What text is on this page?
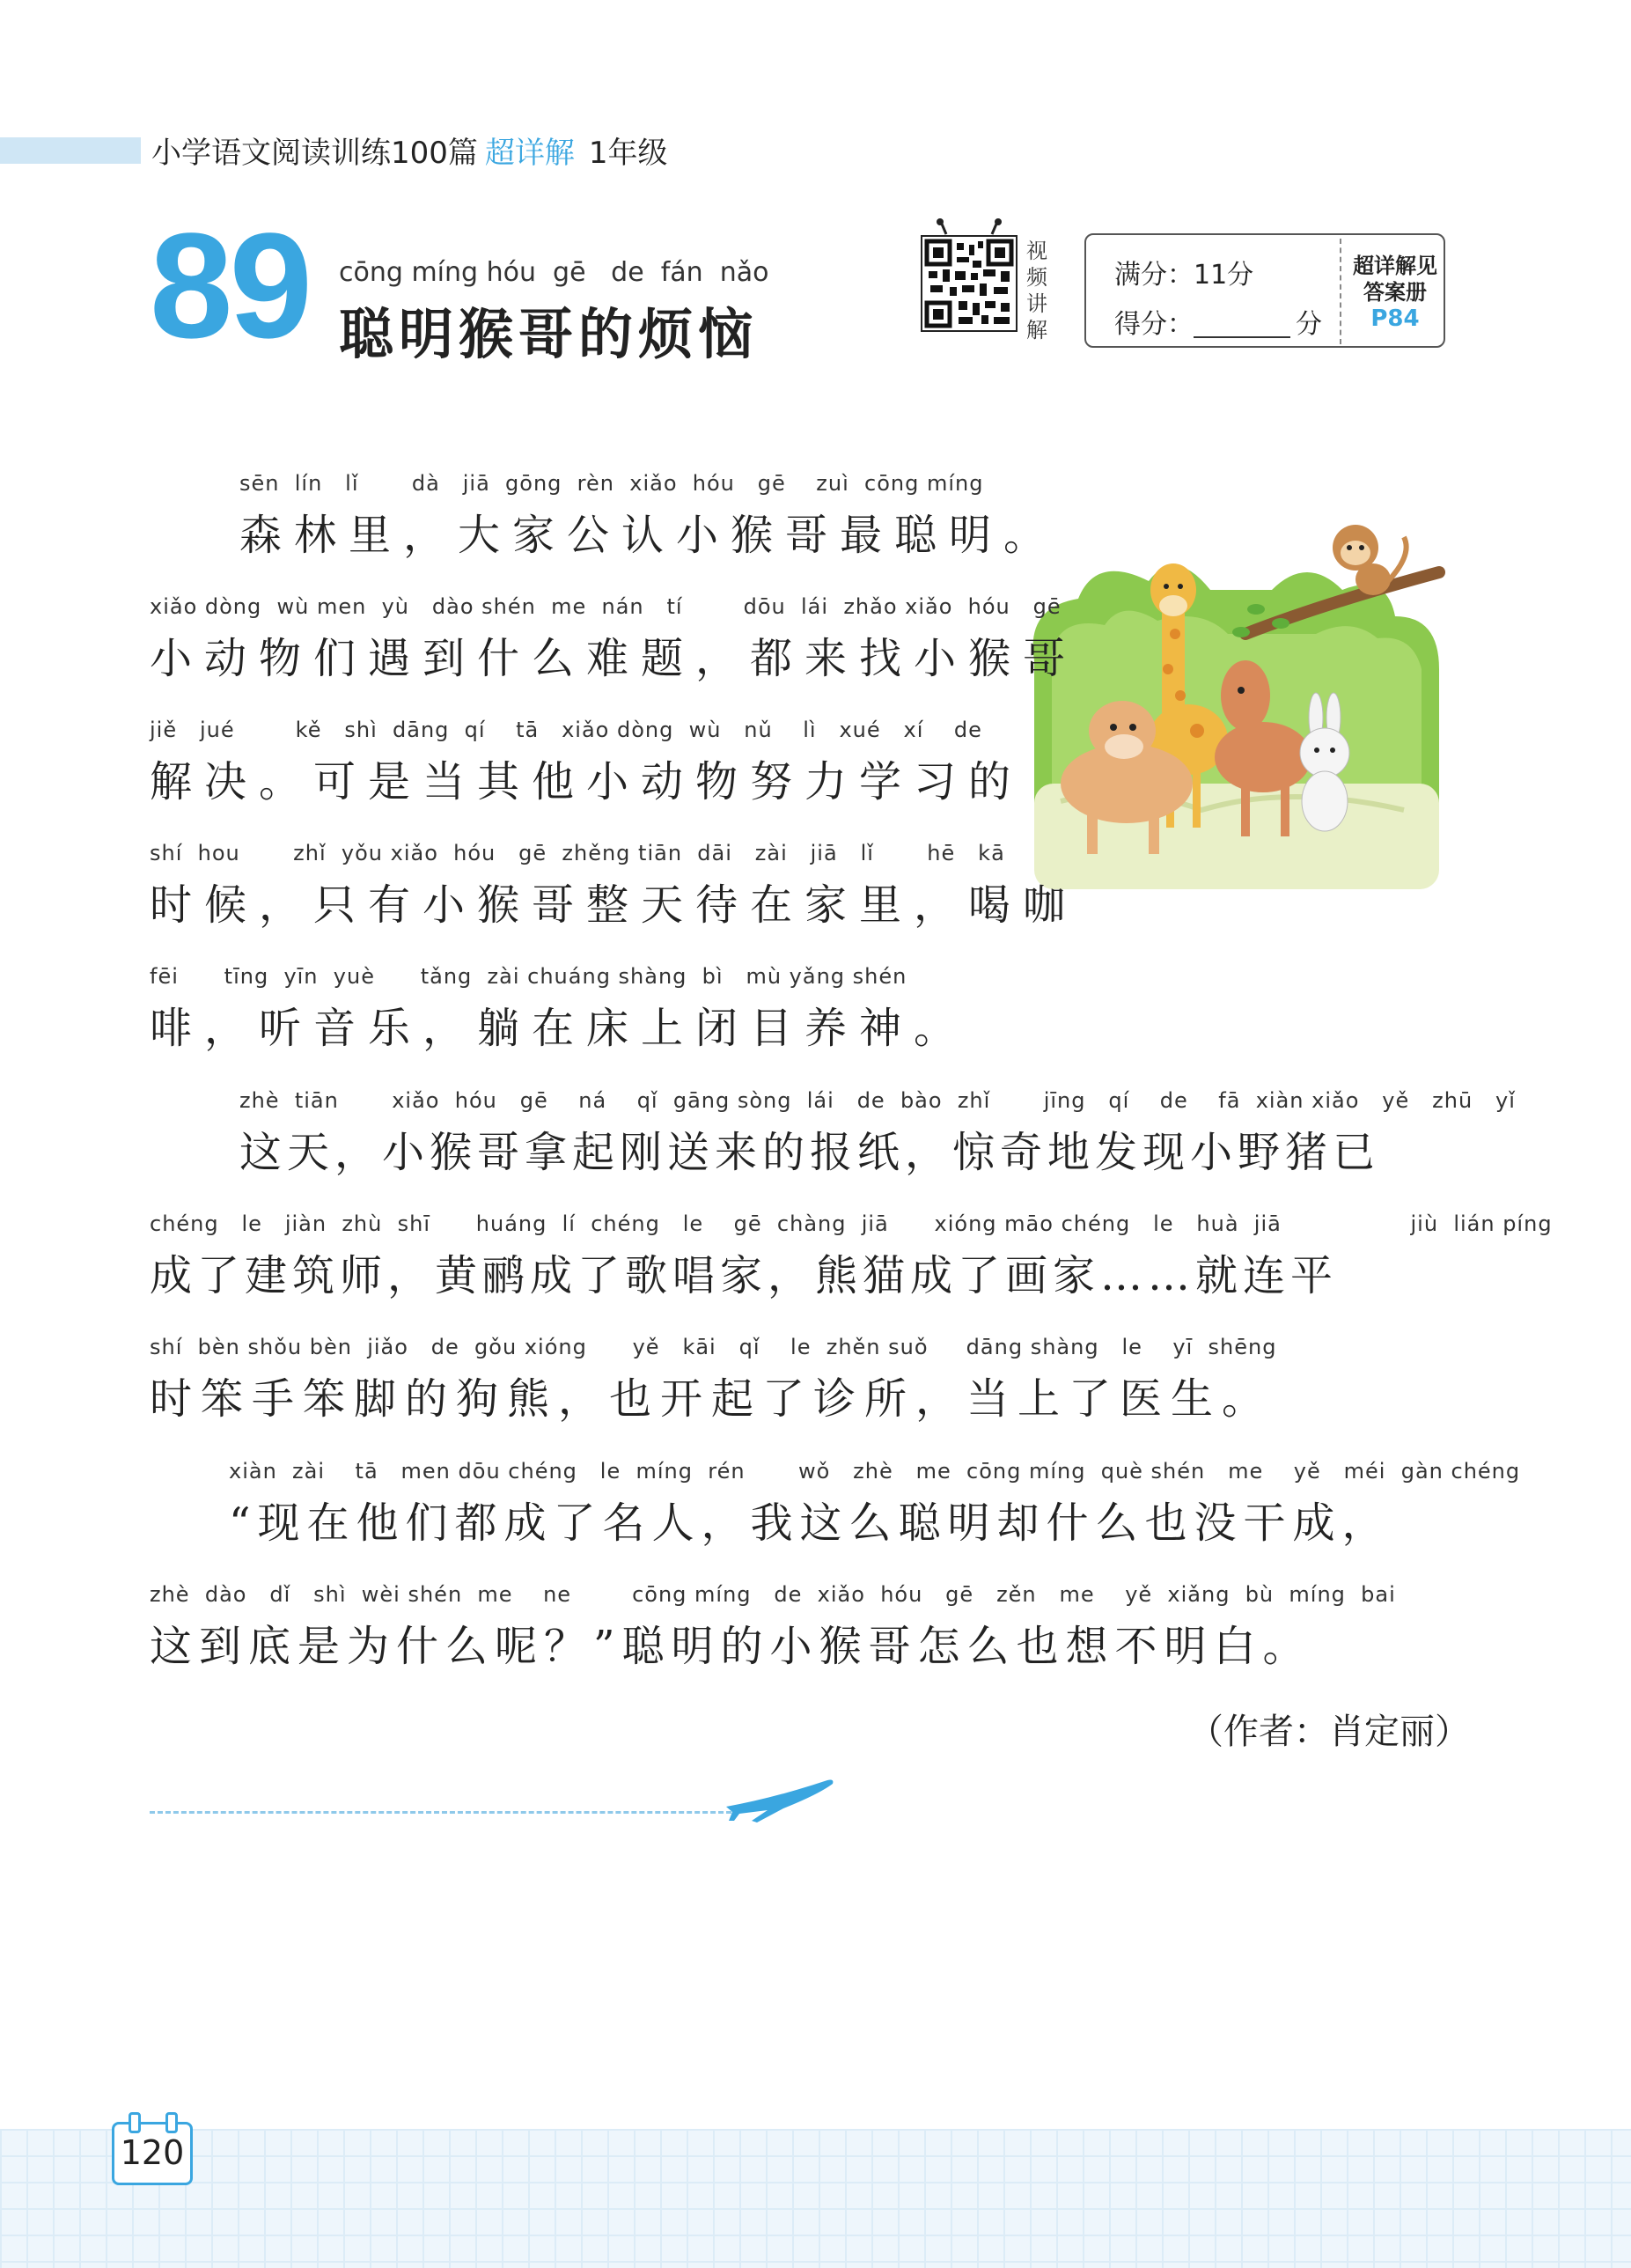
小学语文阅读训练100篇 超详解 1年级
89 cōng míng hóu  gē   de  fán  nǎo
聪明猴哥的烦恼
视
频
讲
解
满分：11分
得分：	分
超详解见
答案册
P84
sēn  lín   lǐ       dà   jiā  gōng  rèn  xiǎo  hóu   gē    zuì  cōng míng
森林里，大家公认小猴哥最聪明。
xiǎo dòng  wù men  yù   dào shén  me  nán   tí        dōu  lái  zhǎo xiǎo  hóu   gē
小动物们遇到什么难题，都来找小猴哥
jiě   jué        kě   shì  dāng  qí    tā   xiǎo dòng  wù   nǔ    lì   xué   xí    de
解决。可是当其他小动物努力学习的
shí  hou       zhǐ  yǒu xiǎo  hóu   gē  zhěng tiān  dāi   zài   jiā   lǐ       hē   kā
时候，只有小猴哥整天待在家里，喝咖
fēi      tīng  yīn  yuè      tǎng  zài chuáng shàng  bì   mù yǎng shén
啡，听音乐，躺在床上闭目养神。
zhè  tiān       xiǎo  hóu   gē    ná    qǐ  gāng sòng  lái   de  bào  zhǐ       jīng   qí    de    fā  xiàn xiǎo   yě   zhū   yǐ
这天，小猴哥拿起刚送来的报纸，惊奇地发现小野猪已
chéng   le   jiàn  zhù  shī      huáng  lí  chéng   le    gē  chàng  jiā      xióng māo chéng   le   huà  jiā                 jiù  lián píng
成了建筑师，黄鹂成了歌唱家，熊猫成了画家……就连平
shí  bèn shǒu bèn  jiǎo   de  gǒu xióng      yě   kāi   qǐ    le  zhěn suǒ     dāng shàng   le    yī  shēng
时笨手笨脚的狗熊，也开起了诊所，当上了医生。
xiàn  zài    tā   men dōu chéng   le  míng  rén       wǒ   zhè   me  cōng míng  què shén   me    yě   méi  gàn chéng
“现在他们都成了名人，我这么聪明却什么也没干成，
zhè  dào   dǐ   shì  wèi shén  me    ne        cōng míng   de  xiǎo  hóu   gē   zěn   me    yě  xiǎng  bù  míng  bai
这到底是为什么呢？”聪明的小猴哥怎么也想不明白。
（作者：肖定丽）
120
